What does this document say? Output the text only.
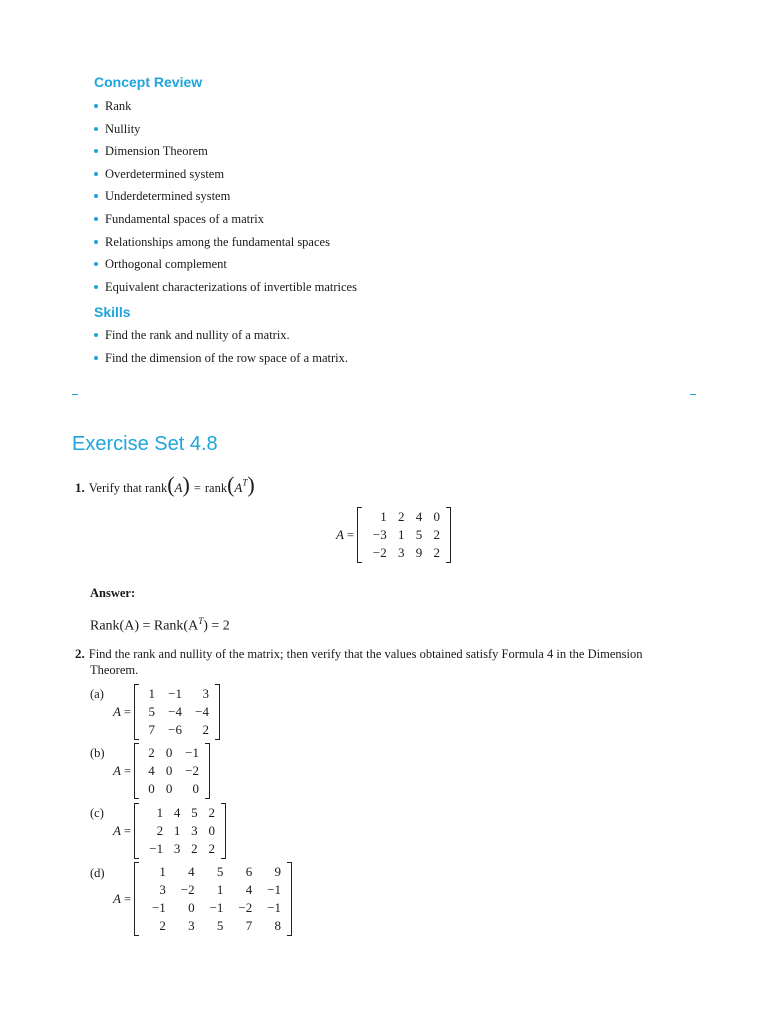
Concept Review
Rank
Nullity
Dimension Theorem
Overdetermined system
Underdetermined system
Fundamental spaces of a matrix
Relationships among the fundamental spaces
Orthogonal complement
Equivalent characterizations of invertible matrices
Skills
Find the rank and nullity of a matrix.
Find the dimension of the row space of a matrix.
Exercise Set 4.8
1. Verify that rank(A) = $rank(A^T)$
A =
1	2	4	0
−3	1	5	2
−2	3	9	2
Answer:
Rank(A) = $Rank(A^T) = 2$
2. Find the rank and nullity of the matrix; then verify that the values obtained satisfy Formula 4 in the Dimension
Theorem.
(a)
A =
1	−1	3
5	−4	−4
7	−6	2
(b)
A =
2	0	−1
4	0	−2
0	0	0
(c)
A =
1	4	5	2
2	1	3	0
−1	3	2	2
(d)
A =
1	4	5	6	9
3	−2	1	4	−1
−1	0	−1	−2	−1
2	3	5	7	8
